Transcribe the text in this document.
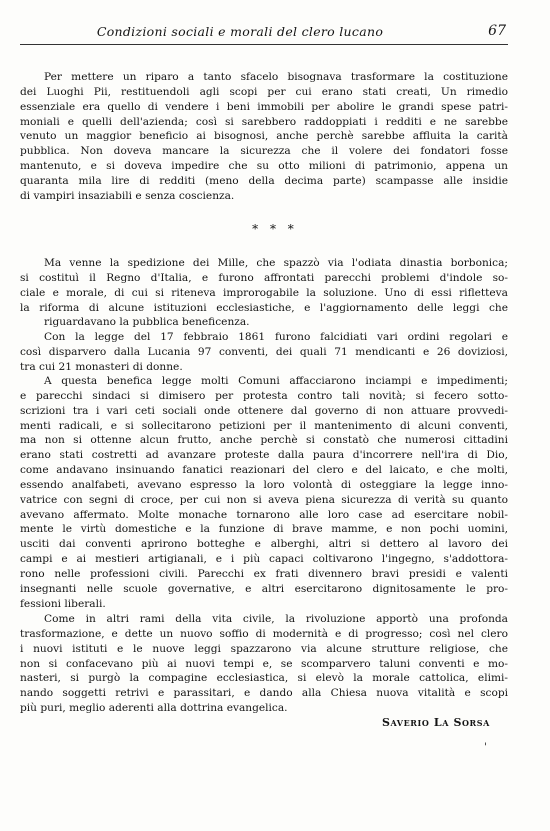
Condizioni sociali e morali del clero lucano	67
Per mettere un riparo a tanto sfacelo bisognava trasformare la costituzione
dei Luoghi Pii, restituendoli agli scopi per cui erano stati creati, Un rimedio
essenziale era quello di vendere i beni immobili per abolire le grandi spese patri-
moniali e quelli dell'azienda; così si sarebbero raddoppiati i redditi e ne sarebbe
venuto un maggior beneficio ai bisognosi, anche perchè sarebbe affluita la carità
pubblica. Non doveva mancare la sicurezza che il volere dei fondatori fosse
mantenuto, e si doveva impedire che su otto milioni di patrimonio, appena un
quaranta mila lire di redditi (meno della decima parte) scampasse alle insidie
di vampiri insaziabili e senza coscienza.
* * *
Ma venne la spedizione dei Mille, che spazzò via l'odiata dinastia borbonica;
si costituì il Regno d'Italia, e furono affrontati parecchi problemi d'indole so-
ciale e morale, di cui si riteneva improrogabile la soluzione. Uno di essi rifletteva
la riforma di alcune istituzioni ecclesiastiche, e l'aggiornamento delle leggi che
riguardavano la pubblica beneficenza.
Con la legge del 17 febbraio 1861 furono falcidiati vari ordini regolari e
così disparvero dalla Lucania 97 conventi, dei quali 71 mendicanti e 26 doviziosi,
tra cui 21 monasteri di donne.
A questa benefica legge molti Comuni affacciarono inciampi e impedimenti;
e parecchi sindaci si dimisero per protesta contro tali novità; si fecero sotto-
scrizioni tra i vari ceti sociali onde ottenere dal governo di non attuare provvedi-
menti radicali, e si sollecitarono petizioni per il mantenimento di alcuni conventi,
ma non si ottenne alcun frutto, anche perchè si constatò che numerosi cittadini
erano stati costretti ad avanzare proteste dalla paura d'incorrere nell'ira di Dio,
come andavano insinuando fanatici reazionari del clero e del laicato, e che molti,
essendo analfabeti, avevano espresso la loro volontà di osteggiare la legge inno-
vatrice con segni di croce, per cui non si aveva piena sicurezza di verità su quanto
avevano affermato. Molte monache tornarono alle loro case ad esercitare nobil-
mente le virtù domestiche e la funzione di brave mamme, e non pochi uomini,
usciti dai conventi aprirono botteghe e alberghi, altri si dettero al lavoro dei
campi e ai mestieri artigianali, e i più capaci coltivarono l'ingegno, s'addottora-
rono nelle professioni civili. Parecchi ex frati divennero bravi presidi e valenti
insegnanti nelle scuole governative, e altri esercitarono dignitosamente le pro-
fessioni liberali.
Come in altri rami della vita civile, la rivoluzione apportò una profonda
trasformazione, e dette un nuovo soffio di modernità e di progresso; così nel clero
i nuovi istituti e le nuove leggi spazzarono via alcune strutture religiose, che
non si confacevano più ai nuovi tempi e, se scomparvero taluni conventi e mo-
nasteri, si purgò la compagine ecclesiastica, si elevò la morale cattolica, elimi-
nando soggetti retrivi e parassitari, e dando alla Chiesa nuova vitalità e scopi
più puri, meglio aderenti alla dottrina evangelica.
Saverio La Sorsa
'
